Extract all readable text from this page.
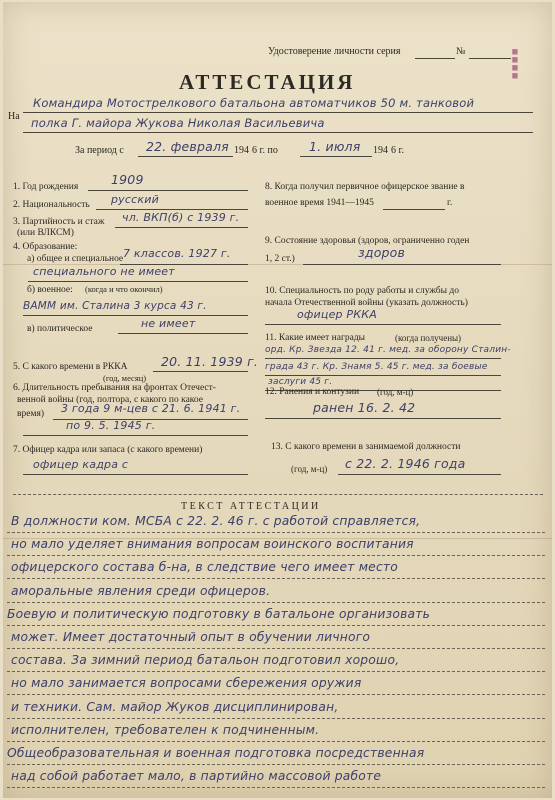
■■■■
Удостоверение личности серия	№
АТТЕСТАЦИЯ
На
Командира Мотострелкового батальона автоматчиков 50 м. танковой
полка Г. майора Жукова Николая Васильевича
За период с 22. февраля 194 6 г. по 1. июля 194 6 г.
1. Год рождения	1909
2. Национальность русский
3. Партийность и стаж
(или ВЛКСМ)
чл. ВКП(б) с 1939 г.
4. Образование:
а) общее и специальное 7 классов. 1927 г.
специального не имеет
б) военное: (когда и что окончил)
ВАММ им. Сталина 3 курса 43 г.
в) политическое	не имеет
5. С какого времени в РККА
(год, месяц)
20. 11. 1939 г.
6. Длительность пребывания на фронтах Отечест-
венной войны (год, полтора, с какого по какое
время) 3 года 9 м-цев с 21. 6. 1941 г.
по 9. 5. 1945 г.
7. Офицер кадра или запаса (с какого времени)
офицер кадра с
8. Когда получил первичное офицерское звание в
военное время 1941—1945	г.
9. Состояние здоровья (здоров, ограниченно годен
1, 2 ст.)	здоров
10. Специальность по роду работы и службы до
начала Отечественной войны (указать должность)
офицер РККА
11. Какие имеет награды	(когда получены)
орд. Кр. Звезда 12. 41 г. мед. за оборону Сталин-
града 43 г. Кр. Знамя 5. 45 г. мед. за боевые
заслуги 45 г.
12. Ранения и контузии (год, м-ц)
ранен 16. 2. 42
13. С какого времени в занимаемой должности
(год, м-ц) с 22. 2. 1946 года
ТЕКСТ АТТЕСТАЦИИ
В должности ком. МСБА с 22. 2. 46 г. с работой справляется,
но мало уделяет внимания вопросам воинского воспитания
офицерского состава б-на, в следствие чего имеет место
аморальные явления среди офицеров.
Боевую и политическую подготовку в батальоне организовать
может. Имеет достаточный опыт в обучении личного
состава. За зимний период батальон подготовил хорошо,
но мало занимается вопросами сбережения оружия
и техники. Сам. майор Жуков дисциплинирован,
исполнителен, требователен к подчиненным.
Общеобразовательная и военная подготовка посредственная
над собой работает мало, в партийно массовой работе
